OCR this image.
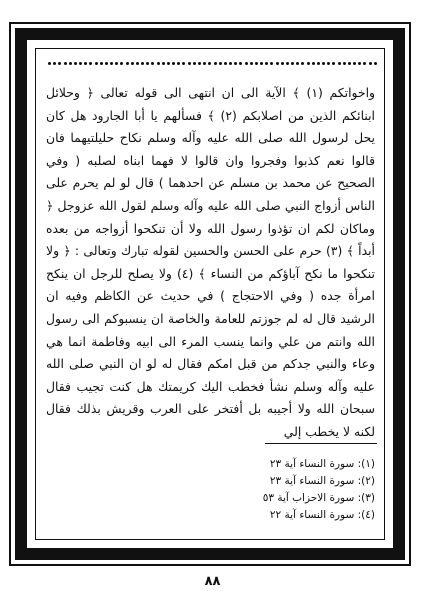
واخواتكم (١) ﴾ الآية الى ان انتهى الى قوله تعالى ﴿ وحلائل ابنائكم الذين من اصلابكم (٢) ﴾ فسألهم يا أبا الجارود هل كان يحل لرسول الله صلى الله عليه وآله وسلم نكاح حليلتيهما فان قالوا نعم كذبوا وفجروا وان قالوا لا فهما ابناه لصلبه ( وفي الصحيح عن محمد بن مسلم عن احدهما ) قال لو لم يحرم على الناس أزواج النبي صلى الله عليه وآله وسلم لقول الله عزوجل ﴿ وماكان لكم ان تؤذوا رسول الله ولا أن تنكحوا أزواجه من بعده أبداً ﴾ (٣) حرم على الحسن والحسين لقوله تبارك وتعالى : ﴿ ولا تنكحوا ما نكح آباؤكم من النساء ﴾ (٤) ولا يصلح للرجل ان ينكح امرأة جده ( وفي الاحتجاج ) في حديث عن الكاظم وفيه ان الرشيد قال له لم جوزتم للعامة والخاصة ان ينسبوكم الى رسول الله وانتم من علي وانما ينسب المرء الى ابيه وفاطمة انما هي وعاء والنبي جدكم من قبل امكم فقال له لو ان النبي صلى الله عليه وآله وسلم نشأ فخطب اليك كريمتك هل كنت تجيب فقال سبحان الله ولا أجيبه بل أفتخر على العرب وقريش بذلك فقال لكنه لا يخطب إلي
(١): سورة النساء آية ٢٣
(٢): سورة النساء آية ٢٣
(٣): سورة الاحزاب آية ٥٣
(٤): سورة النساء آية ٢٢
٨٨
